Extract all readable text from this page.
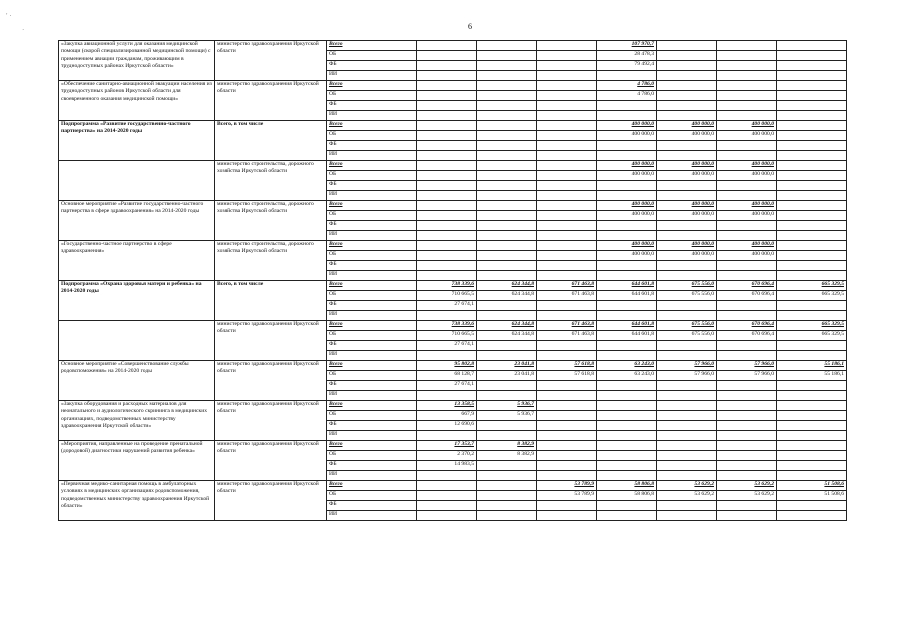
′ ·
·	6
«Закупка авиационной услуги для оказания медицинской помощи (скорой специализированной медицинской помощи) с применением авиации гражданам, проживающим в труднодоступных районах Иркутской области»	министерство здравоохранения Иркутской области	Всего				107 970,7			
		ОБ				28 478,3			
		ФБ				79 492,4			
		ИИ							
«Обеспечение санитарно-авиационной эвакуации населения из труднодоступных районов Иркутской области для своевременного оказания медицинской помощи»	министерство здравоохранения Иркутской области	Всего				4 786,0			
		ОБ				4 786,0			
		ФБ							
		ИИ							
Подпрограмма «Развитие государственно-частного партнерства» на 2014-2020 годы	Всего, в том числе	Всего				400 000,0	400 000,0	400 000,0	
		ОБ				400 000,0	400 000,0	400 000,0	
		ФБ							
		ИИ							
	министерство строительства, дорожного хозяйства Иркутской области	Всего				400 000,0	400 000,0	400 000,0	
		ОБ				400 000,0	400 000,0	400 000,0	
		ФБ							
		ИИ							
Основное мероприятие «Развитие государственно-частного партнерства в сфере здравоохранения» на 2014-2020 годы	министерство строительства, дорожного хозяйства Иркутской области	Всего				400 000,0	400 000,0	400 000,0	
		ОБ				400 000,0	400 000,0	400 000,0	
		ФБ							
		ИИ							
«Государственно-частное партнерство в сфере здравоохранения»	министерство строительства, дорожного хозяйства Иркутской области	Всего				400 000,0	400 000,0	400 000,0	
		ОБ				400 000,0	400 000,0	400 000,0	
		ФБ							
		ИИ							
Подпрограмма «Охрана здоровья матери и ребенка» на 2014-2020 годы	Всего, в том числе	Всего	738 339,6	624 344,8	671 463,8	644 601,8	675 556,0	670 696,4	665 329,5
		ОБ	710 665,5	624 344,8	671 463,8	644 601,8	675 556,0	670 696,4	665 329,5
		ФБ	27 674,1						
		ИИ							
	министерство здравоохранения Иркутской области	Всего	738 339,6	624 344,8	671 463,8	644 601,8	675 556,0	670 696,4	665 329,5
		ОБ	710 665,5	624 344,8	671 463,8	644 601,8	675 556,0	670 696,4	665 329,5
		ФБ	27 674,1						
		ИИ							
Основное мероприятие «Совершенствование службы родовспоможения» на 2014-2020 годы	министерство здравоохранения Иркутской области	Всего	95 802,8	23 041,8	57 618,8	63 243,0	57 966,0	57 966,0	55 186,1
		ОБ	68 128,7	23 041,8	57 618,8	63 243,0	57 966,0	57 966,0	55 186,1
		ФБ	27 674,1						
		ИИ							
«Закупка оборудования и расходных материалов для неонатального и аудиологического скрининга в медицинских организациях, подведомственных министерству здравоохранения Иркутской области»	министерство здравоохранения Иркутской области	Всего	13 358,5	5 936,7					
		ОБ	667,9	5 936,7					
		ФБ	12 690,6						
		ИИ							
«Мероприятия, направленные на проведение пренатальной (дородовой) диагностики нарушений развития ребенка»	министерство здравоохранения Иркутской области	Всего	17 353,7	8 382,9					
		ОБ	2 370,2	8 382,9					
		ФБ	14 983,5						
		ИИ							
«Первичная медико-санитарная помощь в амбулаторных условиях в медицинских организациях родовспоможения, подведомственных министерству здравоохранения Иркутской области»	министерство здравоохранения Иркутской области	Всего			53 789,9	58 806,8	53 629,2	53 629,2	51 508,6
		ОБ			53 789,9	58 806,8	53 629,2	53 629,2	51 508,6
		ФБ							
		ИИ							
